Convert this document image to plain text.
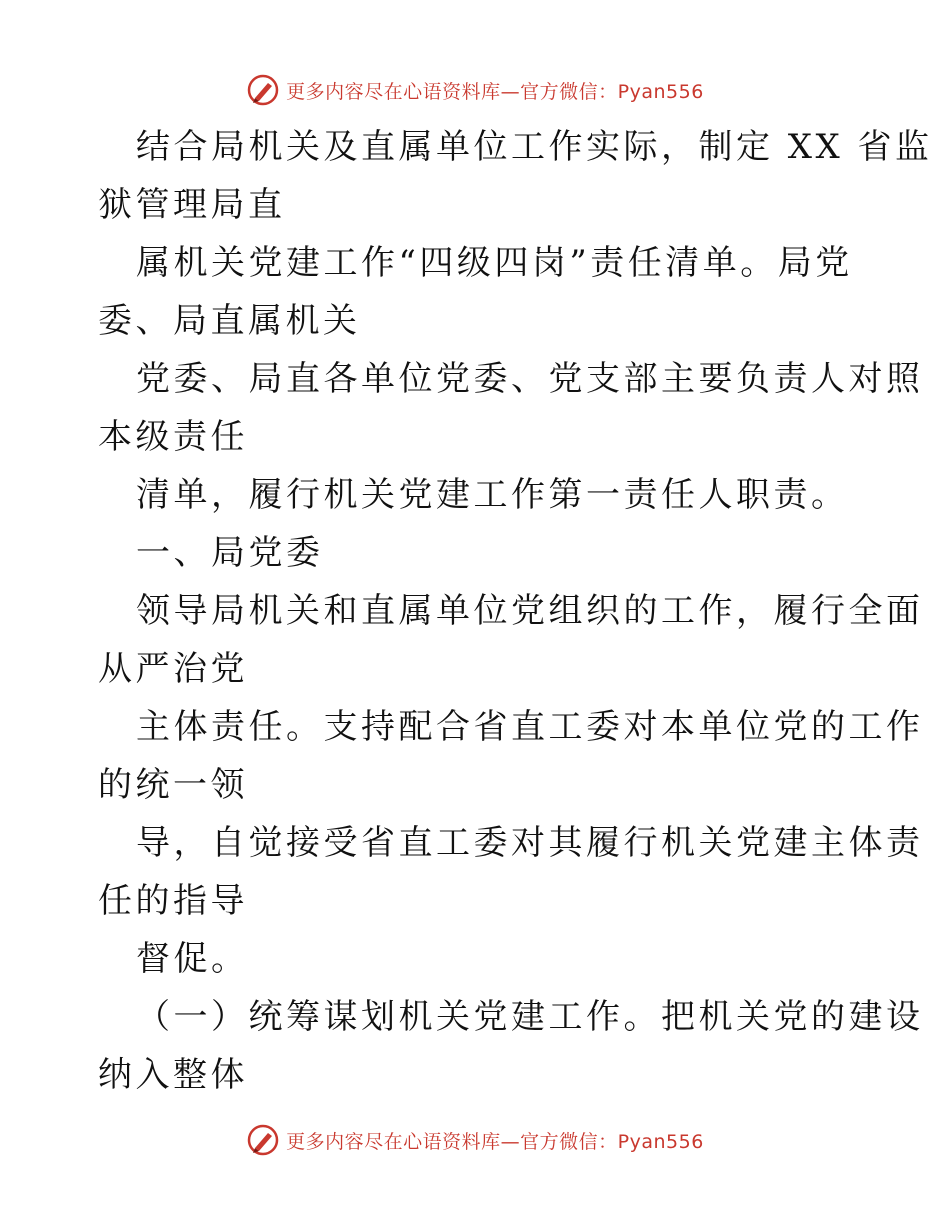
更多内容尽在心语资料库—官方微信：Pyan556

结合局机关及直属单位工作实际，制定 XX 省监

狱管理局直

属机关党建工作“四级四岗”责任清单。局党

委、局直属机关

党委、局直各单位党委、党支部主要负责人对照

本级责任

清单，履行机关党建工作第一责任人职责。

一、局党委

领导局机关和直属单位党组织的工作，履行全面

从严治党

主体责任。支持配合省直工委对本单位党的工作

的统一领

导，自觉接受省直工委对其履行机关党建主体责

任的指导

督促。

（一）统筹谋划机关党建工作。把机关党的建设

纳入整体

更多内容尽在心语资料库—官方微信：Pyan556
